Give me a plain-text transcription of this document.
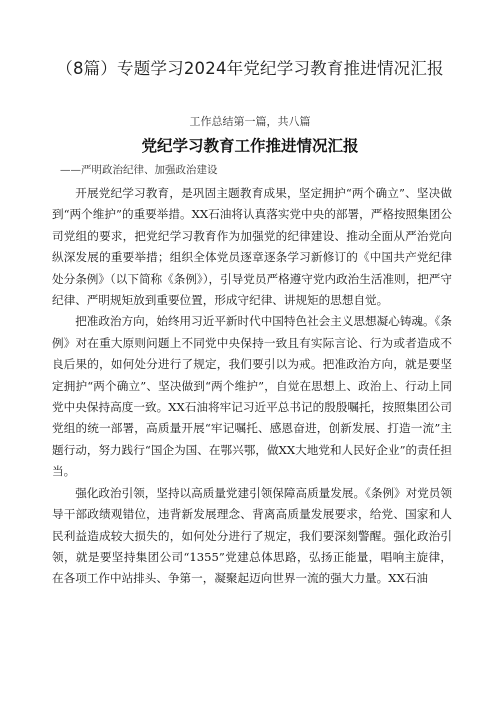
（8篇）专题学习2024年党纪学习教育推进情况汇报
工作总结第一篇，共八篇
党纪学习教育工作推进情况汇报
——严明政治纪律、加强政治建设

开展党纪学习教育，是巩固主题教育成果，坚定拥护“两个确立”、坚决做到“两个维护”的重要举措。XX石油将认真落实党中央的部署，严格按照集团公司党组的要求，把党纪学习教育作为加强党的纪律建设、推动全面从严治党向纵深发展的重要举措；组织全体党员逐章逐条学习新修订的《中国共产党纪律处分条例》（以下简称《条例》），引导党员严格遵守党内政治生活准则，把严守纪律、严明规矩放到重要位置，形成守纪律、讲规矩的思想自觉。

把准政治方向，始终用习近平新时代中国特色社会主义思想凝心铸魂。《条例》对在重大原则问题上不同党中央保持一致且有实际言论、行为或者造成不良后果的，如何处分进行了规定，我们要引以为戒。把准政治方向，就是要坚定拥护“两个确立”、坚决做到“两个维护”，自觉在思想上、政治上、行动上同党中央保持高度一致。XX石油将牢记习近平总书记的殷殷嘱托，按照集团公司党组的统一部署，高质量开展“牢记嘱托、感恩奋进，创新发展、打造一流”主题行动，努力践行“国企为国、在鄂兴鄂，做XX大地党和人民好企业”的责任担当。

强化政治引领，坚持以高质量党建引领保障高质量发展。《条例》对党员领导干部政绩观错位，违背新发展理念、背离高质量发展要求，给党、国家和人民利益造成较大损失的，如何处分进行了规定，我们要深刻警醒。强化政治引领，就是要坚持集团公司“1355”党建总体思路，弘扬正能量，唱响主旋律，在各项工作中站排头、争第一，凝聚起迈向世界一流的强大力量。XX石油
